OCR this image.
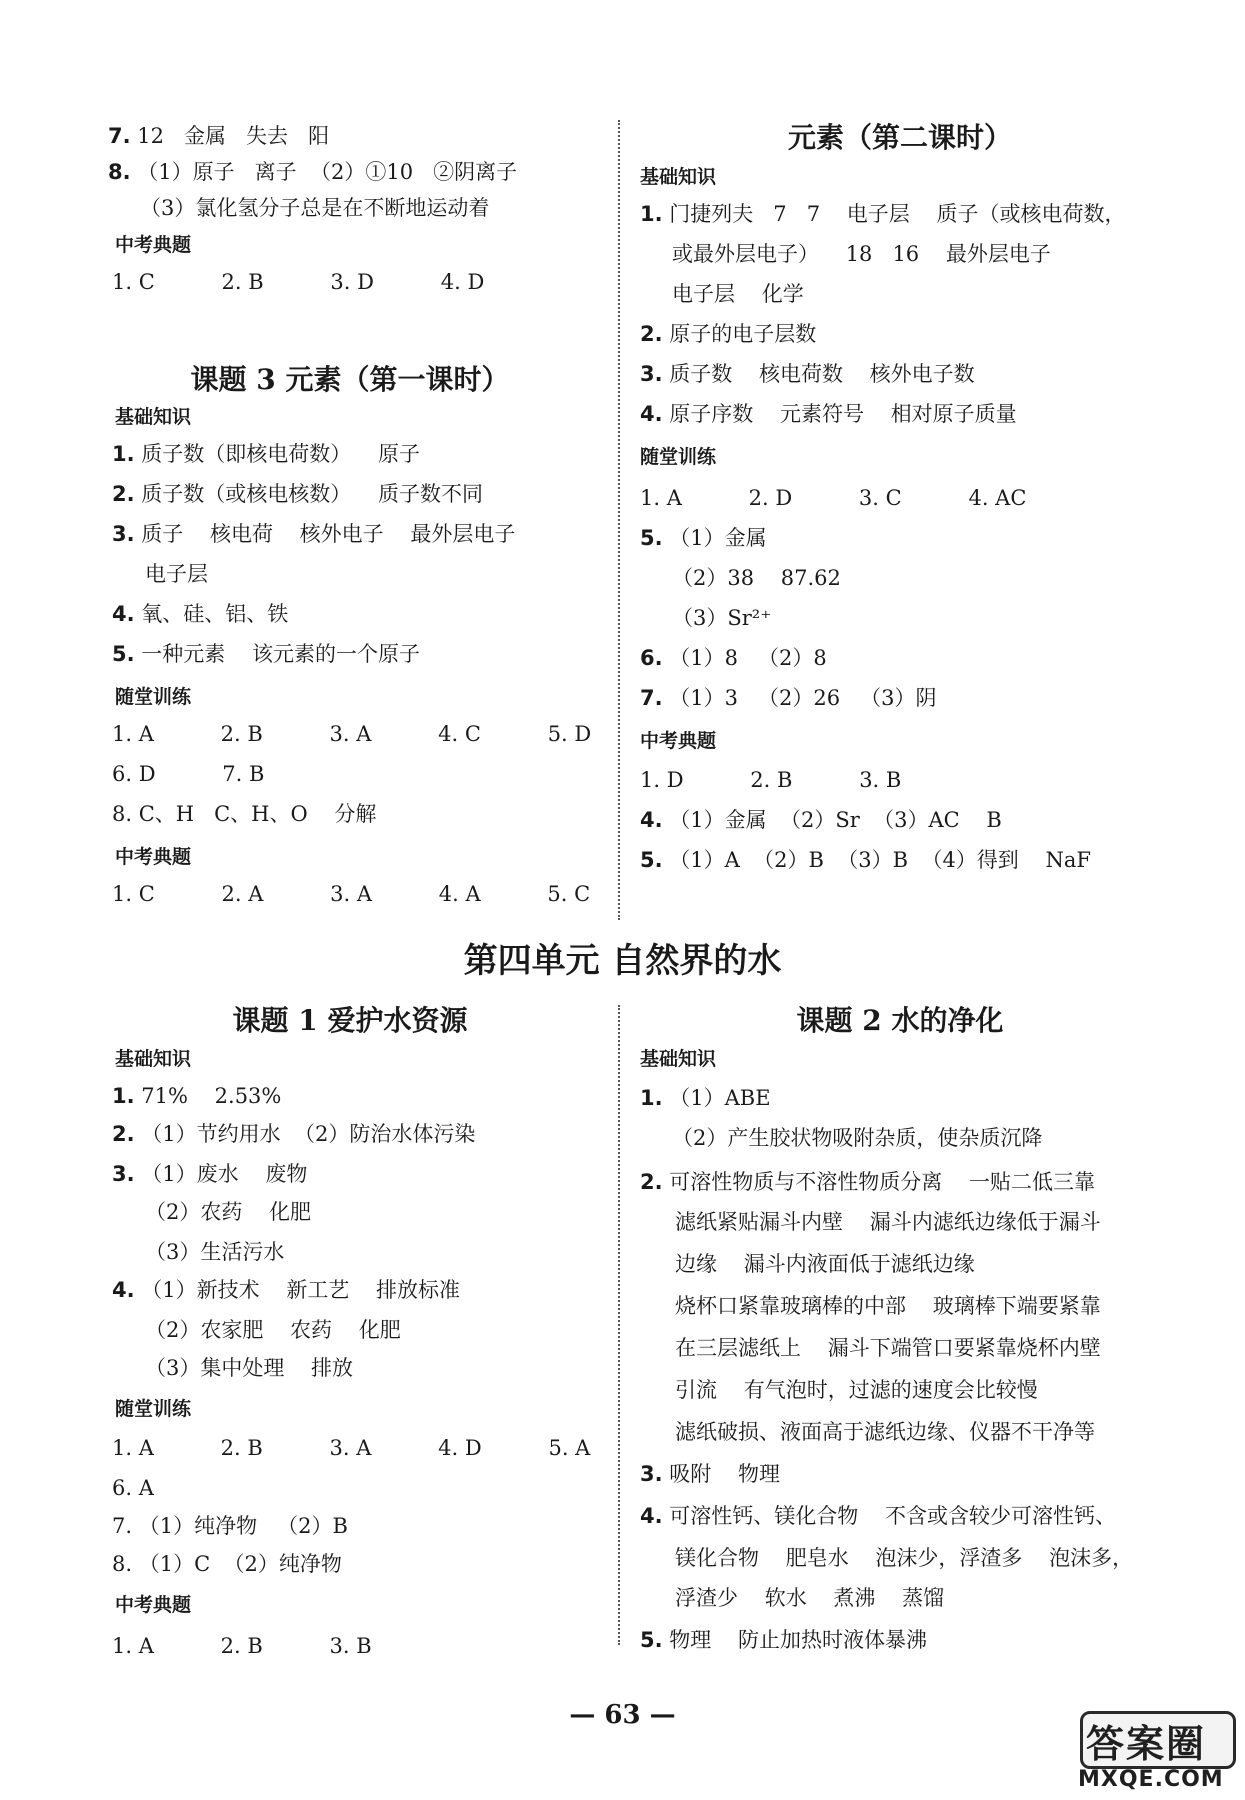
7. 12   金属   失去   阳
8. （1）原子   离子  （2）①10   ②阴离子
（3）氯化氢分子总是在不断地运动着
中考典题
1. C          2. B          3. D          4. D
课题 3 元素（第一课时）
基础知识
1. 质子数（即核电荷数）    原子
2. 质子数（或核电核数）    质子数不同
3. 质子    核电荷    核外电子    最外层电子
电子层
4. 氧、硅、铝、铁
5. 一种元素    该元素的一个原子
随堂训练
1. A          2. B          3. A          4. C          5. D
6. D          7. B
8. C、H   C、H、O    分解
中考典题
1. C          2. A          3. A          4. A          5. C
元素（第二课时）
基础知识
1. 门捷列夫   7   7    电子层    质子（或核电荷数，
或最外层电子）    18   16    最外层电子
电子层    化学
2. 原子的电子层数
3. 质子数    核电荷数    核外电子数
4. 原子序数    元素符号    相对原子质量
随堂训练
1. A          2. D          3. C          4. AC
5. （1）金属
（2）38    87.62
（3）Sr²⁺
6. （1）8   （2）8
7. （1）3   （2）26   （3）阴
中考典题
1. D          2. B          3. B
4. （1）金属  （2）Sr  （3）AC    B
5. （1）A  （2）B  （3）B  （4）得到    NaF
第四单元 自然界的水
课题 1 爱护水资源
基础知识
1. 71%    2.53%
2. （1）节约用水  （2）防治水体污染
3. （1）废水    废物
（2）农药    化肥
（3）生活污水
4. （1）新技术    新工艺    排放标准
（2）农家肥    农药    化肥
（3）集中处理    排放
随堂训练
1. A          2. B          3. A          4. D          5. A
6. A
7. （1）纯净物   （2）B
8. （1）C  （2）纯净物
中考典题
1. A          2. B          3. B
课题 2 水的净化
基础知识
1. （1）ABE
（2）产生胶状物吸附杂质，使杂质沉降
2. 可溶性物质与不溶性物质分离    一贴二低三靠
滤纸紧贴漏斗内壁    漏斗内滤纸边缘低于漏斗
边缘    漏斗内液面低于滤纸边缘
烧杯口紧靠玻璃棒的中部    玻璃棒下端要紧靠
在三层滤纸上    漏斗下端管口要紧靠烧杯内壁
引流    有气泡时，过滤的速度会比较慢
滤纸破损、液面高于滤纸边缘、仪器不干净等
3. 吸附    物理
4. 可溶性钙、镁化合物    不含或含较少可溶性钙、
镁化合物    肥皂水    泡沫少，浮渣多    泡沫多，
浮渣少    软水    煮沸    蒸馏
5. 物理    防止加热时液体暴沸
— 63 —
答案圈
MXQE.COM
